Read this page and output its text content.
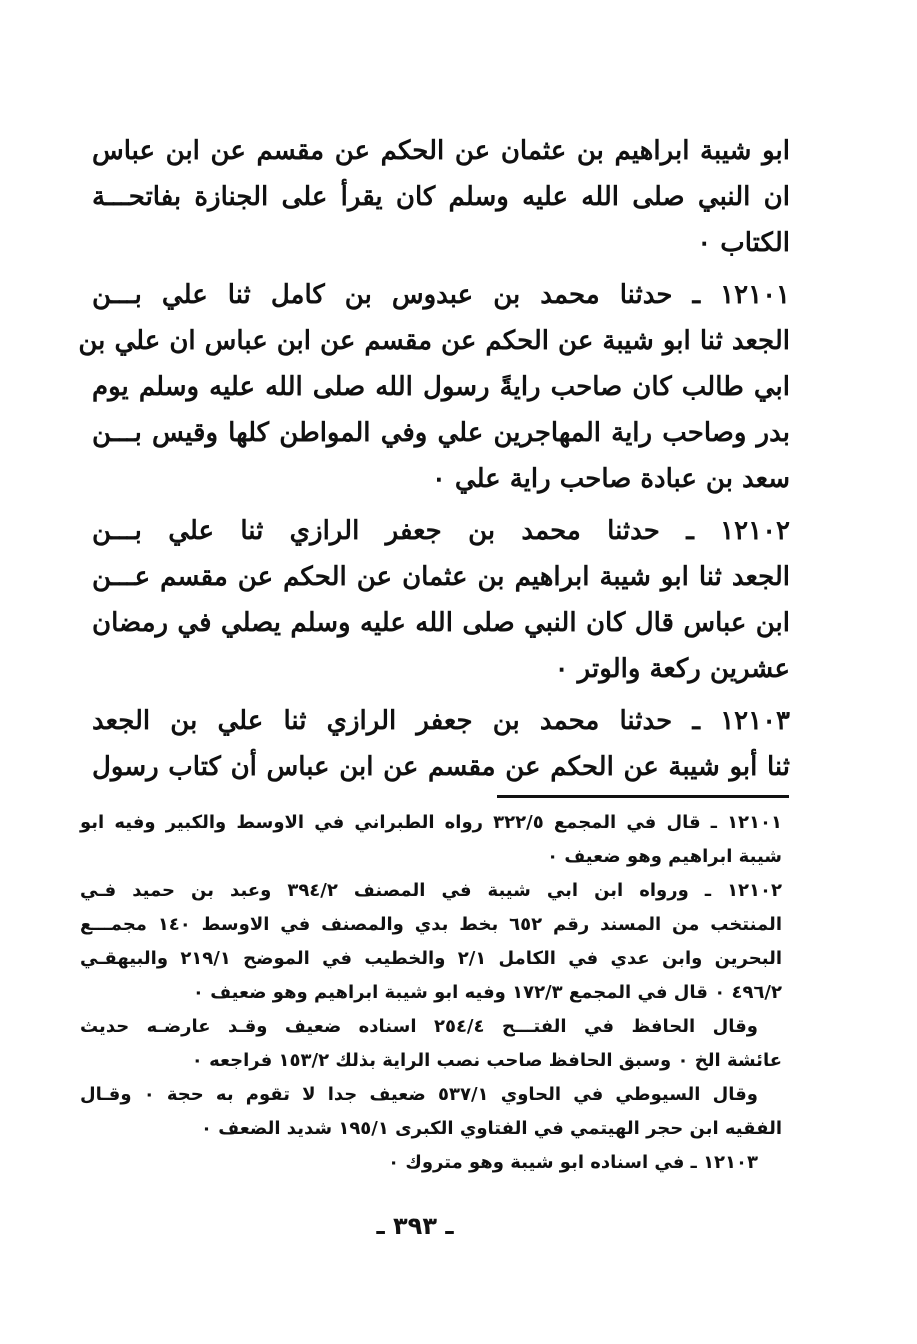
ابو شيبة ابراهيم بن عثمان عن الحكم عن مقسم عن ابن عباس
ان النبي صلى الله عليه وسلم كان يقرأ على الجنازة بفاتحـــة
الكتاب ٠
١٢١٠١ ـ حدثنا محمد بن عبدوس بن كامل ثنا علي بـــن
الجعد ثنا ابو شيبة عن الحكم عن مقسم عن ابن عباس ان علي بن
ابي طالب كان صاحب رايةً رسول الله صلى الله عليه وسلم يوم
بدر وصاحب راية المهاجرين علي وفي المواطن كلها وقيس بـــن
سعد بن عبادة صاحب راية علي ٠
١٢١٠٢ ـ حدثنا محمد بن جعفر الرازي ثنا علي بـــن
الجعد ثنا ابو شيبة ابراهيم بن عثمان عن الحكم عن مقسم عـــن
ابن عباس قال كان النبي صلى الله عليه وسلم يصلي في رمضان
عشرين ركعة والوتر ٠
١٢١٠٣ ـ حدثنا محمد بن جعفر الرازي ثنا علي بن الجعد
ثنا أبو شيبة عن الحكم عن مقسم عن ابن عباس أن كتاب رسول
١٢١٠١ ـ قال في المجمع ٣٢٢/٥ رواه الطبراني في الاوسط والكبير وفيه ابو
شيبة ابراهيم وهو ضعيف ٠
١٢١٠٢ ـ ورواه ابن ابي شيبة في المصنف ٣٩٤/٢ وعبد بن حميد فـي
المنتخب من المسند رقم ٦٥٢ بخط بدي والمصنف في الاوسط ١٤٠ مجمـــع
البحرين وابن عدي في الكامل ٢/١ والخطيب في الموضح ٢١٩/١ والبيهقـي
٤٩٦/٢ ٠ قال في المجمع ١٧٢/٣ وفيه ابو شيبة ابراهيم وهو ضعيف ٠
وقال الحافظ في الفتـــح ٢٥٤/٤ اسناده ضعيف وقـد عارضـه حديث
عائشة الخ ٠ وسبق الحافظ صاحب نصب الراية بذلك ١٥٣/٢ فراجعه ٠
وقال السيوطي في الحاوي ٥٣٧/١ ضعيف جدا لا تقوم به حجة ٠ وقـال
الفقيه ابن حجر الهيتمي في الفتاوي الكبرى ١٩٥/١ شديد الضعف ٠
١٢١٠٣ ـ في اسناده ابو شيبة وهو متروك ٠
ـ ٣٩٣ ـ
